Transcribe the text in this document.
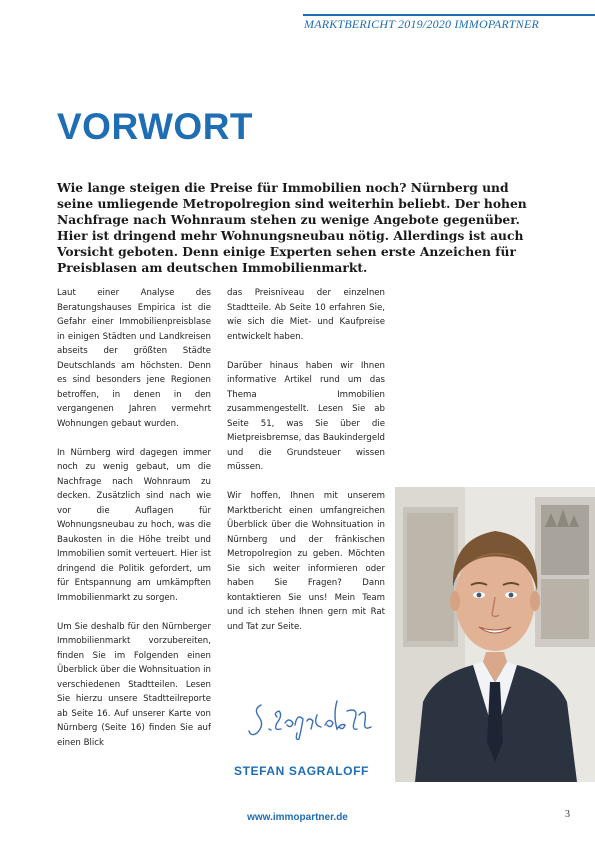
MARKTBERICHT 2019/2020 IMMOPARTNER
VORWORT

Wie lange steigen die Preise für Immobilien noch? Nürnberg und seine umliegende Metropolregion sind weiterhin beliebt. Der hohen Nachfrage nach Wohnraum stehen zu wenige Angebote gegenüber. Hier ist dringend mehr Wohnungsneubau nötig. Allerdings ist auch Vorsicht geboten. Denn einige Experten sehen erste Anzeichen für Preisblasen am deutschen Immobilienmarkt.

Laut einer Analyse des Beratungshauses Empirica ist die Gefahr einer Immobilienpreisblase in einigen Städten und Landkreisen abseits der größten Städte Deutschlands am höchsten. Denn es sind besonders jene Regionen betroffen, in denen in den vergangenen Jahren vermehrt Wohnungen gebaut wurden.

In Nürnberg wird dagegen immer noch zu wenig gebaut, um die Nachfrage nach Wohnraum zu decken. Zusätzlich sind nach wie vor die Auflagen für Wohnungsneubau zu hoch, was die Baukosten in die Höhe treibt und Immobilien somit verteuert. Hier ist dringend die Politik gefordert, um für Entspannung am umkämpften Immobilienmarkt zu sorgen.

Um Sie deshalb für den Nürnberger Immobilienmarkt vorzubereiten, finden Sie im Folgenden einen Überblick über die Wohnsituation in verschiedenen Stadtteilen. Lesen Sie hierzu unsere Stadtteilreporte ab Seite 16. Auf unserer Karte von Nürnberg (Seite 16) finden Sie auf einen Blick

das Preisniveau der einzelnen Stadtteile. Ab Seite 10 erfahren Sie, wie sich die Miet- und Kaufpreise entwickelt haben.

Darüber hinaus haben wir Ihnen informative Artikel rund um das Thema Immobilien zusammengestellt. Lesen Sie ab Seite 51, was Sie über die Mietpreisbremse, das Baukindergeld und die Grundsteuer wissen müssen.

Wir hoffen, Ihnen mit unserem Marktbericht einen umfangreichen Überblick über die Wohnsituation in Nürnberg und der fränkischen Metropolregion zu geben. Möchten Sie sich weiter informieren oder haben Sie Fragen? Dann kontaktieren Sie uns! Mein Team und ich stehen Ihnen gern mit Rat und Tat zur Seite.

STEFAN SAGRALOFF
www.immopartner.de	3
